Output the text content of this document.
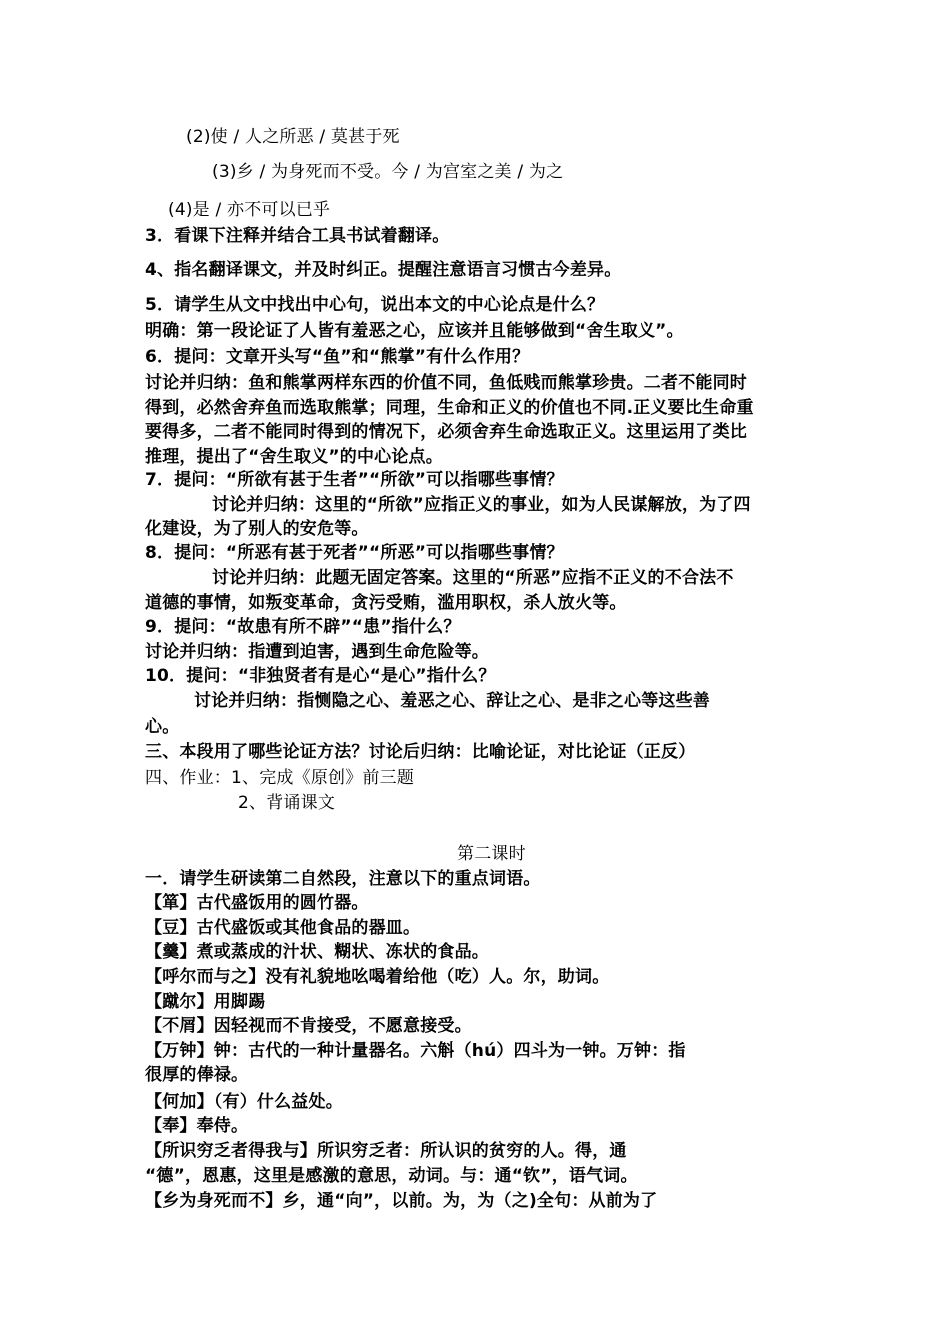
(2)使 / 人之所恶 / 莫甚于死
(3)乡 / 为身死而不受。今 / 为宫室之美 / 为之
(4)是 / 亦不可以已乎
3．看课下注释并结合工具书试着翻译。
4、指名翻译课文，并及时纠正。提醒注意语言习惯古今差异。
5．请学生从文中找出中心句，说出本文的中心论点是什么？
明确：第一段论证了人皆有羞恶之心，应该并且能够做到“舍生取义”。
6．提问：文章开头写“鱼”和“熊掌”有什么作用？
讨论并归纳：鱼和熊掌两样东西的价值不同，鱼低贱而熊掌珍贵。二者不能同时
得到，必然舍弃鱼而选取熊掌；同理，生命和正义的价值也不同.正义要比生命重
要得多，二者不能同时得到的情况下，必须舍弃生命选取正义。这里运用了类比
推理，提出了“舍生取义”的中心论点。
7．提问：“所欲有甚于生者”“所欲”可以指哪些事情？
讨论并归纳：这里的“所欲”应指正义的事业，如为人民谋解放，为了四
化建设，为了别人的安危等。
8．提问：“所恶有甚于死者”“所恶”可以指哪些事情？
讨论并归纳：此题无固定答案。这里的“所恶”应指不正义的不合法不
道德的事情，如叛变革命，贪污受贿，滥用职权，杀人放火等。
9．提问：“故患有所不辟”“患”指什么？
讨论并归纳：指遭到迫害，遇到生命危险等。
10．提问：“非独贤者有是心“是心”指什么？
讨论并归纳：指恻隐之心、羞恶之心、辞让之心、是非之心等这些善
心。
三、本段用了哪些论证方法？讨论后归纳：比喻论证，对比论证（正反）
四、作业：1、完成《原创》前三题
2、背诵课文
第二课时
一．请学生研读第二自然段，注意以下的重点词语。
【箪】古代盛饭用的圆竹器。
【豆】古代盛饭或其他食品的器皿。
【羹】煮或蒸成的汁状、糊状、冻状的食品。
【呼尔而与之】没有礼貌地吆喝着给他（吃）人。尔，助词。
【蹴尔】用脚踢
【不屑】因轻视而不肯接受，不愿意接受。
【万钟】钟：古代的一种计量器名。六斛（hú）四斗为一钟。万钟：指
很厚的俸禄。
【何加】（有）什么益处。
【奉】奉侍。
【所识穷乏者得我与】所识穷乏者：所认识的贫穷的人。得，通
“德”，恩惠，这里是感激的意思，动词。与：通“钦”，语气词。
【乡为身死而不】乡，通“向”，以前。为，为（之)全句：从前为了
